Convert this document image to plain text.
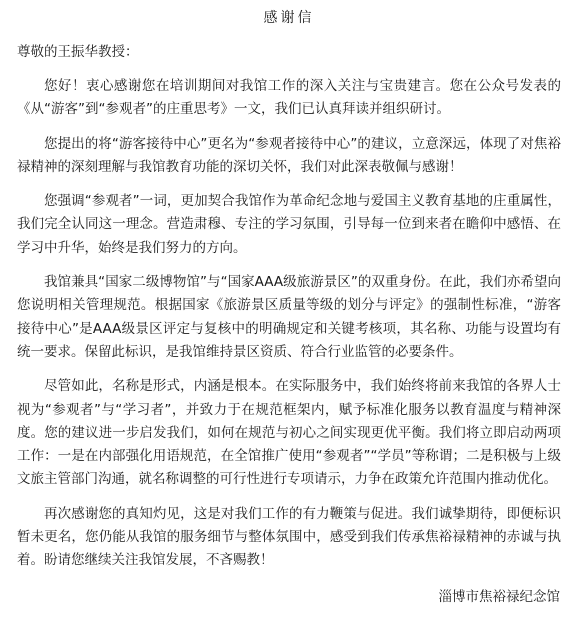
感谢信

尊敬的王振华教授：

您好！衷心感谢您在培训期间对我馆工作的深入关注与宝贵建言。您在公众号发表的《从“游客”到“参观者”的庄重思考》一文，我们已认真拜读并组织研讨。

您提出的将“游客接待中心”更名为“参观者接待中心”的建议，立意深远，体现了对焦裕禄精神的深刻理解与我馆教育功能的深切关怀，我们对此深表敬佩与感谢！

您强调“参观者”一词，更加契合我馆作为革命纪念地与爱国主义教育基地的庄重属性，我们完全认同这一理念。营造肃穆、专注的学习氛围，引导每一位到来者在瞻仰中感悟、在学习中升华，始终是我们努力的方向。

我馆兼具“国家二级博物馆”与“国家AAA级旅游景区”的双重身份。在此，我们亦希望向您说明相关管理规范。根据国家《旅游景区质量等级的划分与评定》的强制性标准，“游客接待中心”是AAA级景区评定与复核中的明确规定和关键考核项，其名称、功能与设置均有统一要求。保留此标识，是我馆维持景区资质、符合行业监管的必要条件。

尽管如此，名称是形式，内涵是根本。在实际服务中，我们始终将前来我馆的各界人士视为“参观者”与“学习者”，并致力于在规范框架内，赋予标准化服务以教育温度与精神深度。您的建议进一步启发我们，如何在规范与初心之间实现更优平衡。我们将立即启动两项工作：一是在内部强化用语规范，在全馆推广使用“参观者”“学员”等称谓；二是积极与上级文旅主管部门沟通，就名称调整的可行性进行专项请示，力争在政策允许范围内推动优化。

再次感谢您的真知灼见，这是对我们工作的有力鞭策与促进。我们诚挚期待，即便标识暂未更名，您仍能从我馆的服务细节与整体氛围中，感受到我们传承焦裕禄精神的赤诚与执着。盼请您继续关注我馆发展，不吝赐教！

淄博市焦裕禄纪念馆
